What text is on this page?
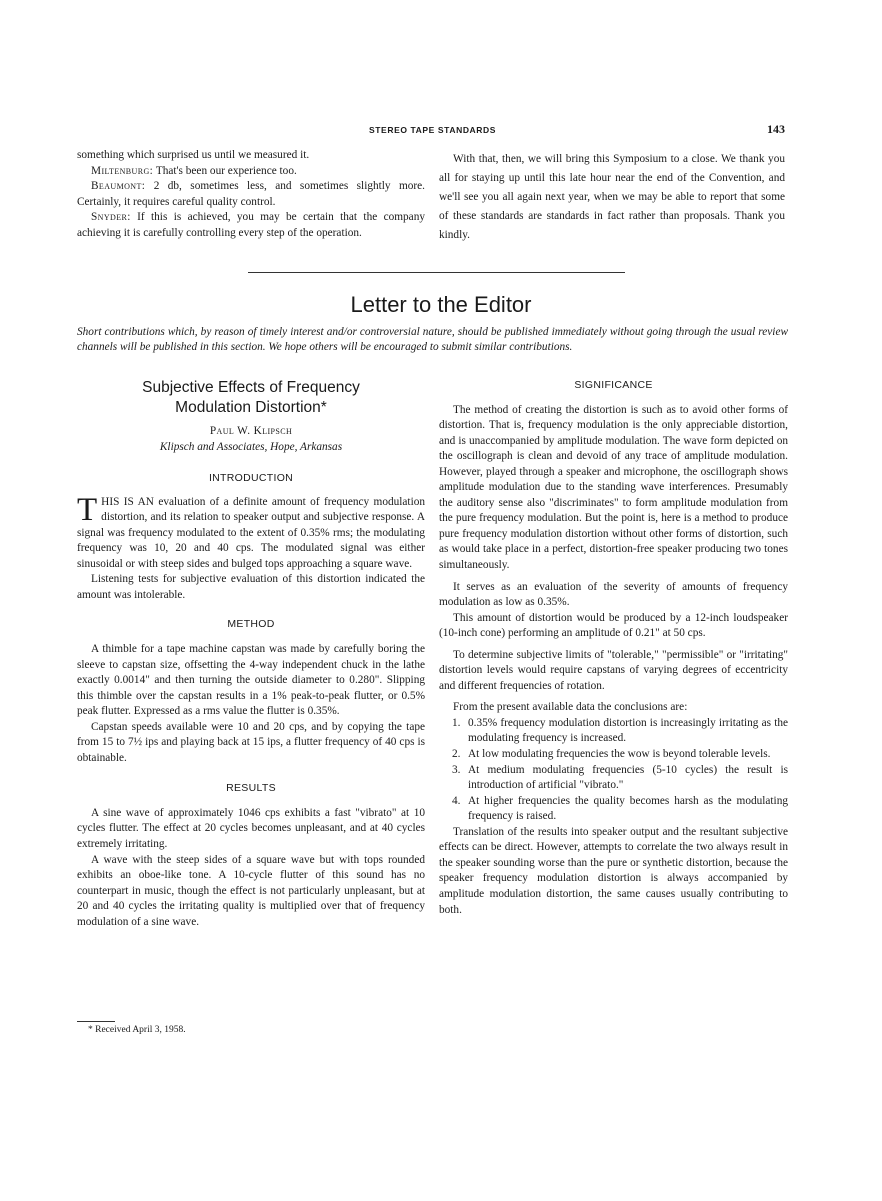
STEREO TAPE STANDARDS	143

something which surprised us until we measured it.

Miltenburg: That's been our experience too.

Beaumont: 2 db, sometimes less, and sometimes slightly more. Certainly, it requires careful quality control.

Snyder: If this is achieved, you may be certain that the company achieving it is carefully controlling every step of the operation.

With that, then, we will bring this Symposium to a close. We thank you all for staying up until this late hour near the end of the Convention, and we'll see you all again next year, when we may be able to report that some of these standards are standards in fact rather than proposals. Thank you kindly.

Letter to the Editor
Short contributions which, by reason of timely interest and/or controversial nature, should be published immediately without going through the usual review channels will be published in this section. We hope others will be encouraged to submit similar contributions.
Subjective Effects of Frequency
Modulation Distortion*
Paul W. Klipsch
Klipsch and Associates, Hope, Arkansas
INTRODUCTION

THIS IS AN evaluation of a definite amount of frequency modulation distortion, and its relation to speaker output and subjective response. A signal was frequency modulated to the extent of 0.35% rms; the modulating frequency was 10, 20 and 40 cps. The modulated signal was either sinusoidal or with steep sides and bulged tops approaching a square wave.

Listening tests for subjective evaluation of this distortion indicated the amount was intolerable.

METHOD

A thimble for a tape machine capstan was made by carefully boring the sleeve to capstan size, offsetting the 4-way independent chuck in the lathe exactly 0.0014" and then turning the outside diameter to 0.280". Slipping this thimble over the capstan results in a 1% peak-to-peak flutter, or 0.5% peak flutter. Expressed as a rms value the flutter is 0.35%.

Capstan speeds available were 10 and 20 cps, and by copying the tape from 15 to 7½ ips and playing back at 15 ips, a flutter frequency of 40 cps is obtainable.

RESULTS

A sine wave of approximately 1046 cps exhibits a fast "vibrato" at 10 cycles flutter. The effect at 20 cycles becomes unpleasant, and at 40 cycles extremely irritating.

A wave with the steep sides of a square wave but with tops rounded exhibits an oboe-like tone. A 10-cycle flutter of this sound has no counterpart in music, though the effect is not particularly unpleasant, but at 20 and 40 cycles the irritating quality is multiplied over that of frequency modulation of a sine wave.

* Received April 3, 1958.
SIGNIFICANCE

The method of creating the distortion is such as to avoid other forms of distortion. That is, frequency modulation is the only appreciable distortion, and is unaccompanied by amplitude modulation. The wave form depicted on the oscillograph is clean and devoid of any trace of amplitude modulation. However, played through a speaker and microphone, the oscillograph shows amplitude modulation due to the standing wave interferences. Presumably the auditory sense also "discriminates" to form amplitude modulation from the pure frequency modulation. But the point is, here is a method to produce pure frequency modulation distortion without other forms of distortion, such as would take place in a perfect, distortion-free speaker producing two tones simultaneously.

It serves as an evaluation of the severity of amounts of frequency modulation as low as 0.35%.

This amount of distortion would be produced by a 12-inch loudspeaker (10-inch cone) performing an amplitude of 0.21" at 50 cps.

To determine subjective limits of "tolerable," "permissible" or "irritating" distortion levels would require capstans of varying degrees of eccentricity and different frequencies of rotation.

From the present available data the conclusions are:

1. 0.35% frequency modulation distortion is increasingly irritating as the modulating frequency is increased.
2. At low modulating frequencies the wow is beyond tolerable levels.
3. At medium modulating frequencies (5-10 cycles) the result is introduction of artificial "vibrato."
4. At higher frequencies the quality becomes harsh as the modulating frequency is raised.

Translation of the results into speaker output and the resultant subjective effects can be direct. However, attempts to correlate the two always result in the speaker sounding worse than the pure or synthetic distortion, because the speaker frequency modulation distortion is always accompanied by amplitude modulation distortion, the same causes usually contributing to both.
